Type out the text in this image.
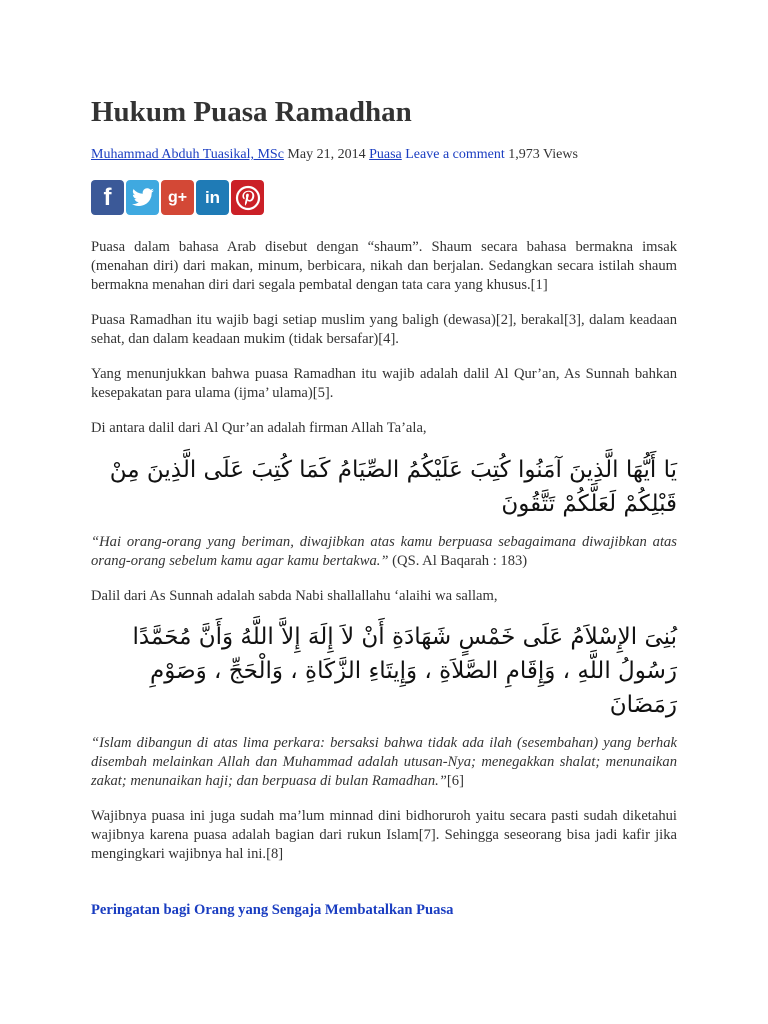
Hukum Puasa Ramadhan
Muhammad Abduh Tuasikal, MSc May 21, 2014 Puasa Leave a comment 1,973 Views
f	g+ in

Puasa dalam bahasa Arab disebut dengan “shaum”. Shaum secara bahasa bermakna imsak (menahan diri) dari makan, minum, berbicara, nikah dan berjalan. Sedangkan secara istilah shaum bermakna menahan diri dari segala pembatal dengan tata cara yang khusus.[1]

Puasa Ramadhan itu wajib bagi setiap muslim yang baligh (dewasa)[2], berakal[3], dalam keadaan sehat, dan dalam keadaan mukim (tidak bersafar)[4].

Yang menunjukkan bahwa puasa Ramadhan itu wajib adalah dalil Al Qur’an, As Sunnah bahkan kesepakatan para ulama (ijma’ ulama)[5].

Di antara dalil dari Al Qur’an adalah firman Allah Ta’ala,

يَا أَيُّهَا الَّذِينَ آمَنُوا كُتِبَ عَلَيْكُمُ الصِّيَامُ كَمَا كُتِبَ عَلَى الَّذِينَ مِنْ قَبْلِكُمْ لَعَلَّكُمْ تَتَّقُونَ

“Hai orang-orang yang beriman, diwajibkan atas kamu berpuasa sebagaimana diwajibkan atas orang-orang sebelum kamu agar kamu bertakwa.” (QS. Al Baqarah : 183)

Dalil dari As Sunnah adalah sabda Nabi shallallahu ‘alaihi wa sallam,

بُنِىَ الإِسْلاَمُ عَلَى خَمْسٍ شَهَادَةِ أَنْ لاَ إِلَهَ إِلاَّ اللَّهُ وَأَنَّ مُحَمَّدًا رَسُولُ اللَّهِ ، وَإِقَامِ الصَّلاَةِ ، وَإِيتَاءِ الزَّكَاةِ ، وَالْحَجِّ ، وَصَوْمِ رَمَضَانَ

“Islam dibangun di atas lima perkara: bersaksi bahwa tidak ada ilah (sesembahan) yang berhak disembah melainkan Allah dan Muhammad adalah utusan-Nya; menegakkan shalat; menunaikan zakat; menunaikan haji; dan berpuasa di bulan Ramadhan.”[6]

Wajibnya puasa ini juga sudah ma’lum minnad dini bidhoruroh yaitu secara pasti sudah diketahui wajibnya karena puasa adalah bagian dari rukun Islam[7]. Sehingga seseorang bisa jadi kafir jika mengingkari wajibnya hal ini.[8]

Peringatan bagi Orang yang Sengaja Membatalkan Puasa
